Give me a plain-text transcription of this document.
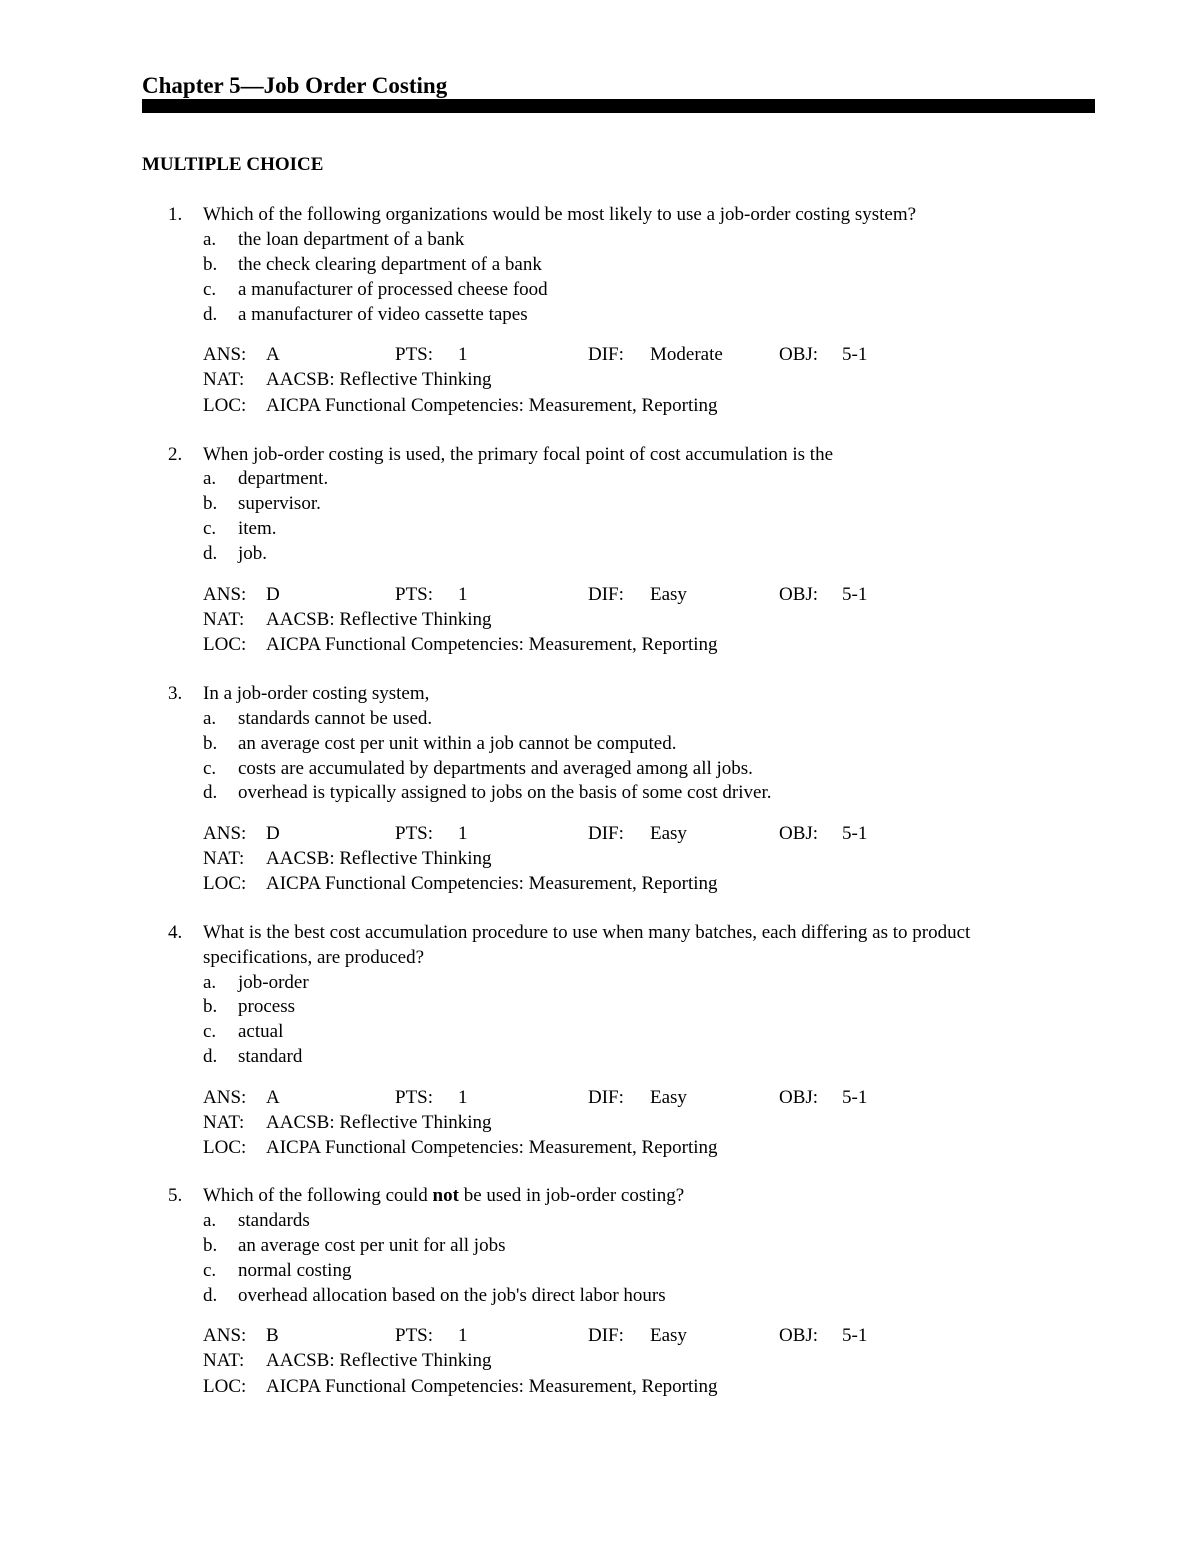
Chapter 5—Job Order Costing
MULTIPLE CHOICE
1. Which of the following organizations would be most likely to use a job-order costing system?
a. the loan department of a bank
b. the check clearing department of a bank
c. a manufacturer of processed cheese food
d. a manufacturer of video cassette tapes
ANS: A	PTS: 1	DIF: Moderate	OBJ: 5-1
NAT: AACSB: Reflective Thinking
LOC: AICPA Functional Competencies: Measurement, Reporting
2. When job-order costing is used, the primary focal point of cost accumulation is the
a. department.
b. supervisor.
c. item.
d. job.
ANS: D	PTS: 1	DIF: Easy	OBJ: 5-1
NAT: AACSB: Reflective Thinking
LOC: AICPA Functional Competencies: Measurement, Reporting
3. In a job-order costing system,
a. standards cannot be used.
b. an average cost per unit within a job cannot be computed.
c. costs are accumulated by departments and averaged among all jobs.
d. overhead is typically assigned to jobs on the basis of some cost driver.
ANS: D	PTS: 1	DIF: Easy	OBJ: 5-1
NAT: AACSB: Reflective Thinking
LOC: AICPA Functional Competencies: Measurement, Reporting
4. What is the best cost accumulation procedure to use when many batches, each differing as to product
specifications, are produced?
a. job-order
b. process
c. actual
d. standard
ANS: A	PTS: 1	DIF: Easy	OBJ: 5-1
NAT: AACSB: Reflective Thinking
LOC: AICPA Functional Competencies: Measurement, Reporting
5. Which of the following could not be used in job-order costing?
a. standards
b. an average cost per unit for all jobs
c. normal costing
d. overhead allocation based on the job's direct labor hours
ANS: B	PTS: 1	DIF: Easy	OBJ: 5-1
NAT: AACSB: Reflective Thinking
LOC: AICPA Functional Competencies: Measurement, Reporting
